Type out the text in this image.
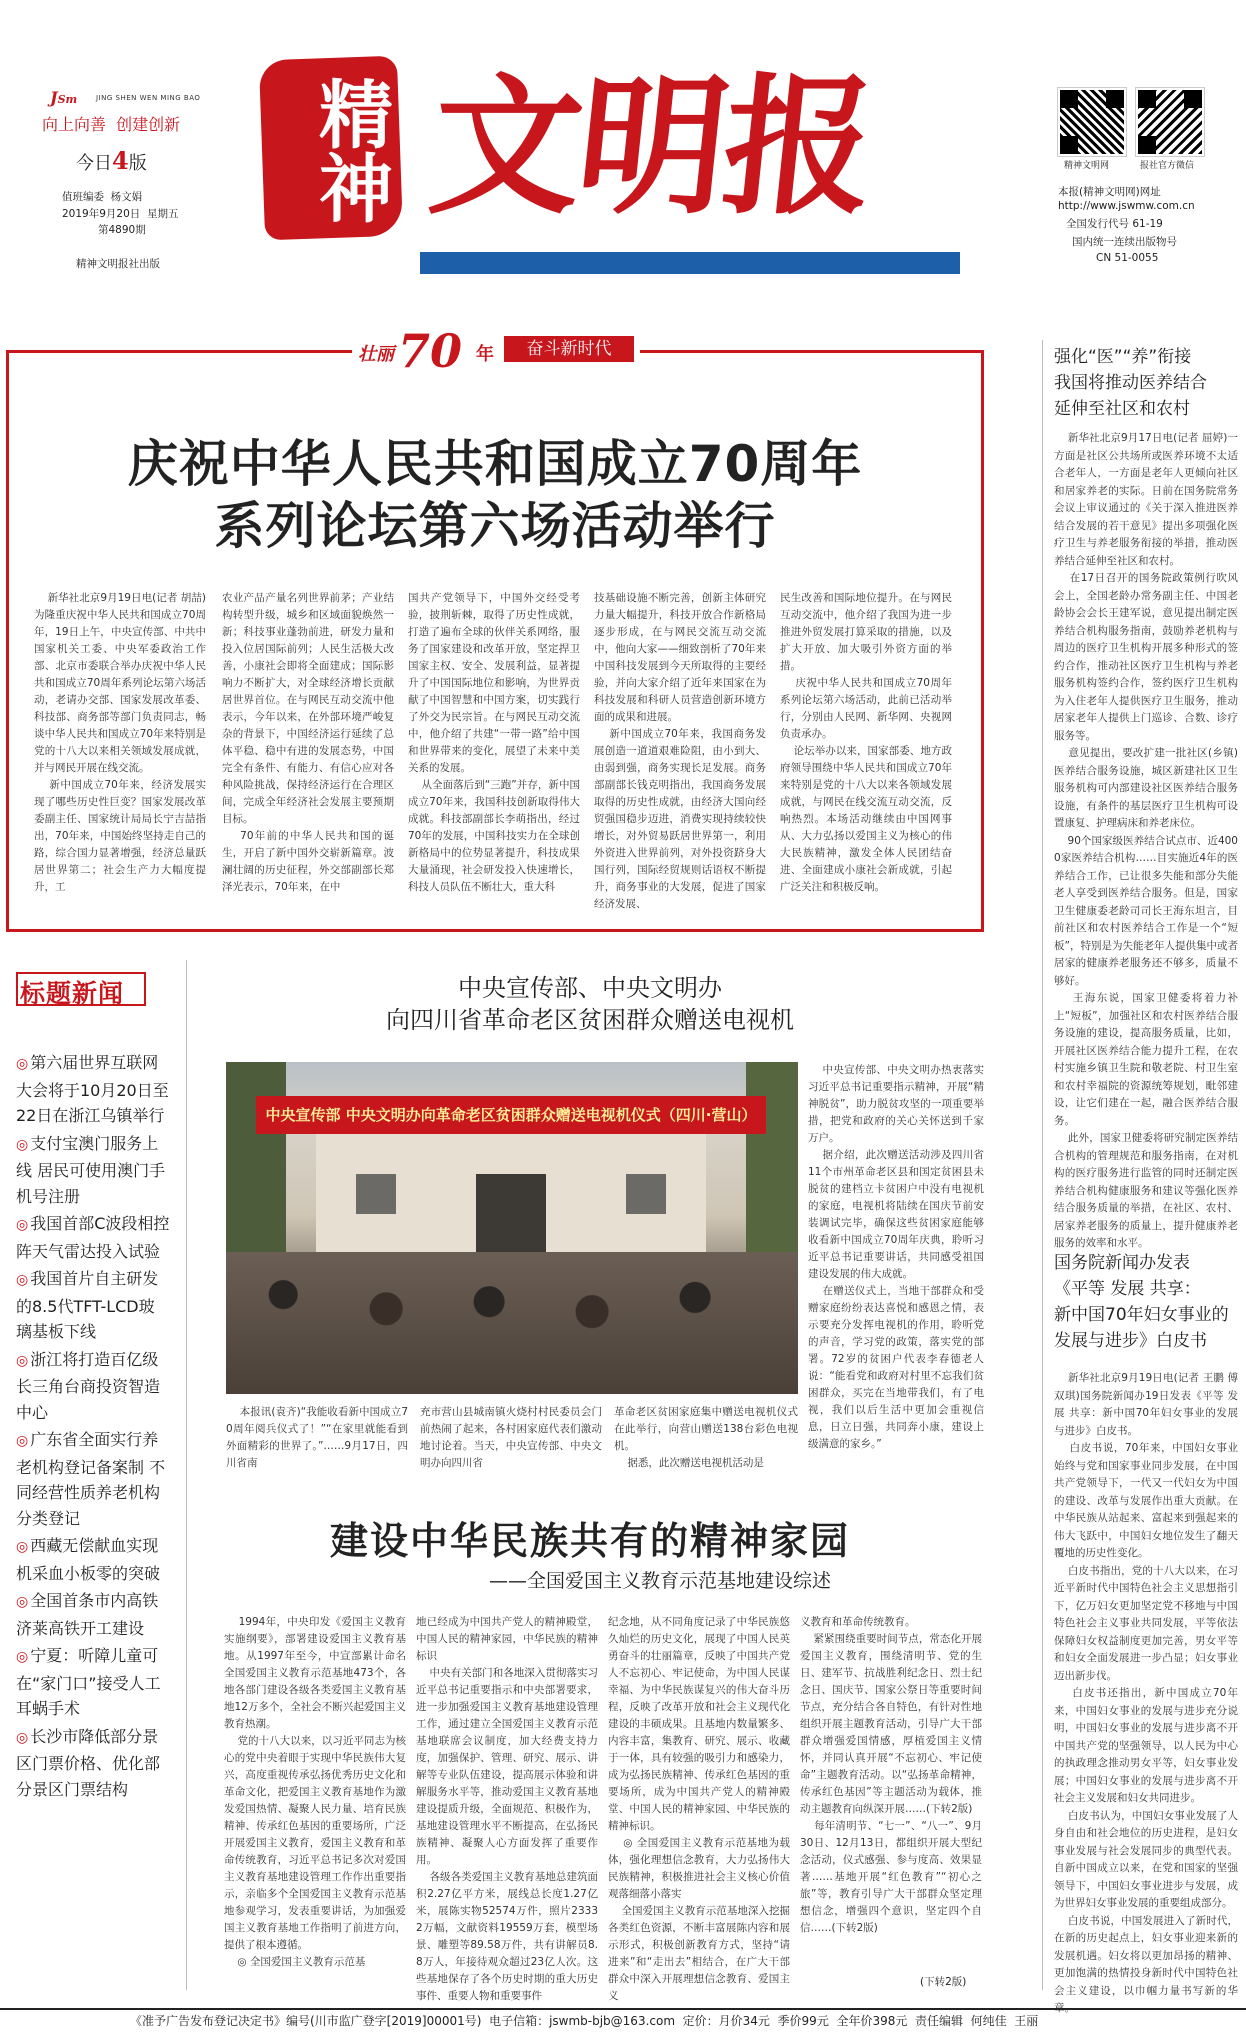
JSm	JING SHEN WEN MING BAO
向上向善  创建创新
今日4版
值班编委  杨文娟
2019年9月20日  星期五
第4890期
精神文明报社出版
精神 文明报

全国精神文明建设战线    全媒中心    独家报纸

精神文明网	报社官方微信
本报(精神文明网)网址
http://www.jswmw.com.cn
全国发行代号 61-19
国内统一连续出版物号
CN 51-0055
壮丽 70 年	奋斗新时代
庆祝中华人民共和国成立70周年
系列论坛第六场活动举行
新华社北京9月19日电(记者 胡喆)为隆重庆祝中华人民共和国成立70周年，19日上午，中央宣传部、中共中国家机关工委、中央军委政治工作部、北京市委联合举办庆祝中华人民共和国成立70周年系列论坛第六场活动，老请办交部、国家发展改革委、科技部、商务部等部门负责同志，畅谈中华人民共和国成立70年来特别是党的十八大以来相关领域发展成就，并与网民开展在线交流。
新中国成立70年来，经济发展实现了哪些历史性巨变？国家发展改革委副主任、国家统计局局长宁吉喆指出，70年来，中国始终坚持走自己的路，综合国力显著增强，经济总量跃居世界第二；社会生产力大幅度提升，工
农业产品产量名列世界前茅；产业结构转型升级，城乡和区域面貌焕然一新；科技事业蓬勃前进，研发力量和投入位居国际前列；人民生活极大改善，小康社会即将全面建成；国际影响力不断扩大，对全球经济增长贡献居世界首位。在与网民互动交流中他表示，今年以来，在外部环境严峻复杂的背景下，中国经济运行延续了总体平稳、稳中有进的发展态势，中国完全有条件、有能力、有信心应对各种风险挑战，保持经济运行在合理区间，完成全年经济社会发展主要预期目标。
70年前的中华人民共和国的诞生，开启了新中国外交崭新篇章。波澜壮阔的历史征程，外交部副部长郑泽光表示，70年来，在中
国共产党领导下，中国外交经受考验，披荆斩棘，取得了历史性成就，打造了遍布全球的伙伴关系网络，服务了国家建设和改革开放，坚定捍卫国家主权、安全、发展利益，显著提升了中国国际地位和影响，为世界贡献了中国智慧和中国方案，切实践行了外交为民宗旨。在与网民互动交流中，他介绍了共建“一带一路”给中国和世界带来的变化，展望了未来中美关系的发展。
从全面落后到“三跑”并存，新中国成立70年来，我国科技创新取得伟大成就。科技部副部长李萌指出，经过70年的发展，中国科技实力在全球创新格局中的位势显著提升，科技成果大量涌现，社会研发投入快速增长，科技人员队伍不断壮大，重大科
技基础设施不断完善，创新主体研究力量大幅提升，科技开放合作新格局逐步形成，在与网民交流互动交流中，他向大家——细致剖析了70年来中国科技发展到今天所取得的主要经验，并向大家介绍了近年来国家在为科技发展和科研人员营造创新环境方面的成果和进展。
新中国成立70年来，我国商务发展创造一道道艰难险阻，由小到大、由弱到强，商务实现长足发展。商务部副部长钱克明指出，我国商务发展取得的历史性成就，由经济大国向经贸强国稳步迈进，消费实现持续较快增长，对外贸易跃居世界第一，利用外资进入世界前列，对外投资跻身大国行列，国际经贸规则话语权不断提升，商务事业的大发展，促进了国家经济发展、
民生改善和国际地位提升。在与网民互动交流中，他介绍了我国为进一步推进外贸发展打算采取的措施，以及扩大开放、加大吸引外资方面的举措。
庆祝中华人民共和国成立70周年系列论坛第六场活动，此前已活动举行，分别由人民网、新华网、央视网负责承办。
论坛举办以来，国家部委、地方政府领导围绕中华人民共和国成立70年来特别是党的十八大以来各领域发展成就，与网民在线交流互动交流，反响热烈。本场活动继续由中国网事从、大力弘扬以爱国主义为核心的伟大民族精神，激发全体人民团结奋进、全面建成小康社会新成就，引起广泛关注和积极反响。
强化“医”“养”衔接
我国将推动医养结合
延伸至社区和农村
新华社北京9月17日电(记者 屈婷)一方面是社区公共场所或医养环境不太适合老年人，一方面是老年人更倾向社区和居家养老的实际。日前在国务院常务会议上审议通过的《关于深入推进医养结合发展的若干意见》提出多项强化医疗卫生与养老服务衔接的举措，推动医养结合延伸至社区和农村。
在17日召开的国务院政策例行吹风会上，全国老龄办常务副主任、中国老龄协会会长王建军说，意见提出制定医养结合机构服务指南，鼓励养老机构与周边的医疗卫生机构开展多种形式的签约合作，推动社区医疗卫生机构与养老服务机构签约合作，签约医疗卫生机构为入住老年人提供医疗卫生服务，推动居家老年人提供上门巡诊、合数、诊疗服务等。
意见提出，要改扩建一批社区(乡镇)医养结合服务设施，城区新建社区卫生服务机构可内部建设社区医养结合服务设施，有条件的基层医疗卫生机构可设置康复、护理病床和养老床位。
90个国家级医养结合试点市、近4000家医养结合机构……目实施近4年的医养结合工作，已让很多失能和部分失能老人享受到医养结合服务。但是，国家卫生健康委老龄司司长王海东坦言，目前社区和农村医养结合工作是一个“短板”，特别是为失能老年人提供集中或者居家的健康养老服务还不够多，质量不够好。
王海东说，国家卫健委将着力补上“短板”，加强社区和农村医养结合服务设施的建设，提高服务质量，比如，开展社区医养结合能力提升工程，在农村实施乡镇卫生院和敬老院、村卫生室和农村幸福院的资源统筹规划，毗邻建设，让它们建在一起，融合医养结合服务。
此外，国家卫健委将研究制定医养结合机构的管理规范和服务指南，在对机构的医疗服务进行监管的同时还制定医养结合机构健康服务和建议等强化医养结合服务质量的举措，在社区、农村、居家养老服务的质量上，提升健康养老服务的效率和水平。
国务院新闻办发表
《平等 发展 共享：
新中国70年妇女事业的
发展与进步》白皮书
新华社北京9月19日电(记者 王鹏 傅双琪)国务院新闻办19日发表《平等 发展 共享：新中国70年妇女事业的发展与进步》白皮书。
白皮书说，70年来，中国妇女事业始终与党和国家事业同步发展，在中国共产党领导下，一代又一代妇女为中国的建设、改革与发展作出重大贡献。在中华民族从站起来、富起来到强起来的伟大飞跃中，中国妇女地位发生了翻天覆地的历史性变化。
白皮书指出，党的十八大以来，在习近平新时代中国特色社会主义思想指引下，亿万妇女更加坚定党不移地与中国特色社会主义事业共同发展，平等依法保障妇女权益制度更加完善，男女平等和妇女全面发展进一步凸显；妇女事业迈出新步伐。
白皮书还指出，新中国成立70年来，中国妇女事业的发展与进步充分说明，中国妇女事业的发展与进步离不开中国共产党的坚强领导，以人民为中心的执政理念推动男女平等，妇女事业发展；中国妇女事业的发展与进步离不开社会主义发展和妇女共同进步。
白皮书认为，中国妇女事业发展了人身自由和社会地位的历史进程，是妇女事业发展与社会发展同步的典型代表。自新中国成立以来，在党和国家的坚强领导下，中国妇女事业进步与发展，成为世界妇女事业发展的重要组成部分。
白皮书说，中国发展进入了新时代，在新的历史起点上，妇女事业迎来新的发展机遇。妇女将以更加昂扬的精神、更加饱满的热情投身新时代中国特色社会主义建设，以巾帼力量书写新的华
标题新闻
◎ 第六届世界互联网大会将于10月20日至22日在浙江乌镇举行
◎ 支付宝澳门服务上线 居民可使用澳门手机号注册
◎ 我国首部C波段相控阵天气雷达投入试验
◎ 我国首片自主研发的8.5代TFT-LCD玻璃基板下线
◎ 浙江将打造百亿级长三角台商投资智造中心
◎ 广东省全面实行养老机构登记备案制 不同经营性质养老机构分类登记
◎ 西藏无偿献血实现机采血小板零的突破
◎ 全国首条市内高铁济莱高铁开工建设
◎ 宁夏：听障儿童可在“家门口”接受人工耳蜗手术
◎ 长沙市降低部分景区门票价格、优化部分景区门票结构
中央宣传部、中央文明办
向四川省革命老区贫困群众赠送电视机
中央宣传部 中央文明办向革命老区贫困群众赠送电视机仪式（四川·营山）
中央宣传部、中央文明办热衷落实习近平总书记重要指示精神，开展“精神脱贫”，助力脱贫攻坚的一项重要举措，把党和政府的关心关怀送到千家万户。
据介绍，此次赠送活动涉及四川省11个市州革命老区县和国定贫困县未脱贫的建档立卡贫困户中没有电视机的家庭，电视机将陆续在国庆节前安装调试完毕，确保这些贫困家庭能够收看新中国成立70周年庆典，聆听习近平总书记重要讲话，共同感受祖国建设发展的伟大成就。
在赠送仪式上，当地干部群众和受赠家庭纷纷表达喜悦和感恩之情，表示要充分发挥电视机的作用，聆听党的声音，学习党的政策，落实党的部署。72岁的贫困户代表李春德老人说：“能看党和政府对村里不忘我们贫困群众，买完在当地带我们，有了电视，我们以后生活中更加会重视信息，日立日强，共同奔小康，建设上级满意的家乡。”
本报讯(袁齐)“我能收看新中国成立70周年阅兵仪式了！”“在家里就能看到外面精彩的世界了。”……9月17日，四川省南
充市营山县城南镇火烧村村民委员会门前热闹了起来，各村困家庭代表们激动地讨论着。当天，中央宣传部、中央文明办向四川省
革命老区贫困家庭集中赠送电视机仪式在此举行，向营山赠送138台彩色电视机。
据悉，此次赠送电视机活动是
建设中华民族共有的精神家园
——全国爱国主义教育示范基地建设综述
1994年，中央印发《爱国主义教育实施纲要》，部署建设爱国主义教育基地。从1997年至今，中宣部累计命名全国爱国主义教育示范基地473个，各地各部门建设各级各类爱国主义教育基地12万多个，全社会不断兴起爱国主义教育热潮。
党的十八大以来，以习近平同志为核心的党中央着眼于实现中华民族伟大复兴，高度重视传承弘扬优秀历史文化和革命文化，把爱国主义教育基地作为激发爱国热情、凝聚人民力量、培育民族精神、传承红色基因的重要场所，广泛开展爱国主义教育，爱国主义教育和革命传统教育，习近平总书记多次对爱国主义教育基地建设管理工作作出重要指示，亲临多个全国爱国主义教育示范基地参观学习，发表重要讲话，为加强爱国主义教育基地工作指明了前进方向，提供了根本遵循。
◎ 全国爱国主义教育示范基
地已经成为中国共产党人的精神殿堂，中国人民的精神家园，中华民族的精神标识
中央有关部门和各地深入贯彻落实习近平总书记重要指示和中央部署要求，进一步加强爱国主义教育基地建设管理工作，通过建立全国爱国主义教育示范基地联席会议制度，加大经费支持力度，加强保护、管理、研究、展示、讲解等专业队伍建设，提高展示体验和讲解服务水平等，推动爱国主义教育基地建设提质升级，全面规范、积极作为，基地建设管理水平不断提高，在弘扬民族精神、凝聚人心方面发挥了重要作用。
各级各类爱国主义教育基地总建筑面积2.27亿平方米，展线总长度1.27亿米，展陈实物52574万件，照片23332万幅，文献资料19559万套，模型场景、雕塑等89.58万件，共有讲解员8.8万人，年接待观众超过23亿人次。这些基地保存了各个历史时期的重大历史事件、重要人物和重要事件
纪念地，从不同角度记录了中华民族悠久灿烂的历史文化，展现了中国人民英勇奋斗的壮丽篇章，反映了中国共产党人不忘初心、牢记使命，为中国人民谋幸福、为中华民族谋复兴的伟大奋斗历程，反映了改革开放和社会主义现代化建设的丰硕成果。且基地内数量繁多、内容丰富，集教育、研究、展示、收藏于一体，具有较强的吸引力和感染力，成为弘扬民族精神、传承红色基因的重要场所，成为中国共产党人的精神殿堂、中国人民的精神家园、中华民族的精神标识。
◎ 全国爱国主义教育示范基地为载体，强化理想信念教育，大力弘扬伟大民族精神，积极推进社会主义核心价值观落细落小落实
全国爱国主义教育示范基地深入挖掘各类红色资源，不断丰富展陈内容和展示形式，积极创新教育方式，坚持“请进来”和“走出去”相结合，在广大干部群众中深入开展理想信念教育、爱国主义
义教育和革命传统教育。
紧紧围绕重要时间节点，常态化开展爱国主义教育，围绕清明节、党的生日、建军节、抗战胜利纪念日、烈士纪念日、国庆节、国家公祭日等重要时间节点，充分结合各自特色，有针对性地组织开展主题教育活动，引导广大干部群众增强爱国情感，厚植爱国主义情怀，并同认真开展“不忘初心、牢记使命”主题教育活动。以“弘扬革命精神，传承红色基因”等主题活动为载体，推动主题教育向纵深开展……(下转2版)
每年清明节、“七一”、“八一”、9月30日、12月13日，都组织开展大型纪念活动，仪式感强、参与度高、效果显著……基地开展“红色教育”“初心之旅”等，教育引导广大干部群众坚定理想信念，增强四个意识，坚定四个自信……(下转2版)
(下转2版)
《准予广告发布登记决定书》编号(川市监广登字[2019]00001号)  电子信箱：jswmb-bjb@163.com  定价：月价34元  季价99元  全年价398元  责任编辑  何纯佳  王丽
